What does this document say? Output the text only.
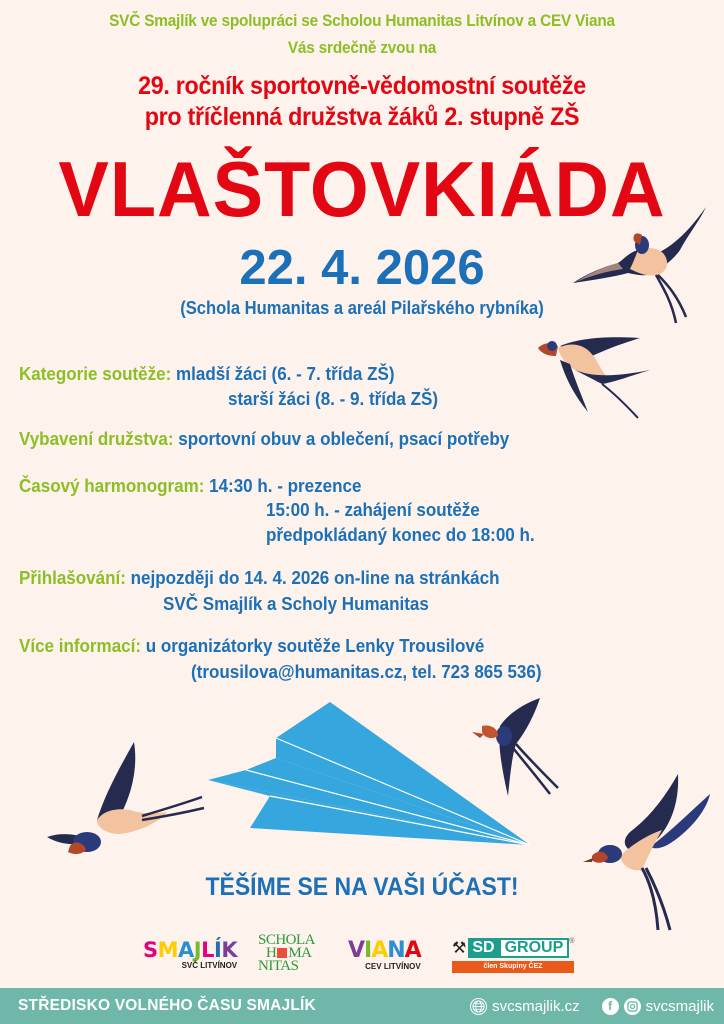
SVČ Smajlík ve spolupráci se Scholou Humanitas Litvínov a CEV Viana
Vás srdečně zvou na
29. ročník sportovně-vědomostní soutěže
pro tříčlenná družstva žáků 2. stupně ZŠ
VLAŠTOVKIÁDA
22. 4. 2026
(Schola Humanitas a areál Pilařského rybníka)
Kategorie soutěže: mladší žáci (6. - 7. třída ZŠ)
starší žáci (8. - 9. třída ZŠ)
Vybavení družstva: sportovní obuv a oblečení, psací potřeby
Časový harmonogram: 14:30 h. - prezence
15:00 h. - zahájení soutěže
předpokládaný konec do 18:00 h.
Přihlašování: nejpozději do 14. 4. 2026 on-line na stránkách
SVČ Smajlík a Scholy Humanitas
Více informací: u organizátorky soutěže Lenky Trousilové
(trousilova@humanitas.cz, tel. 723 865 536)
TĚŠÍME SE NA VAŠI ÚČAST!
SMAJLÍK
SVČ LITVÍNOV
SCHOLA
H MA
NITAS
VIANA
CEV LITVÍNOV
⚒ SD GROUP ®
člen Skupiny ČEZ
STŘEDISKO VOLNÉHO ČASU SMAJLÍK	svcsmajlik.cz	f	svcsmajlik
